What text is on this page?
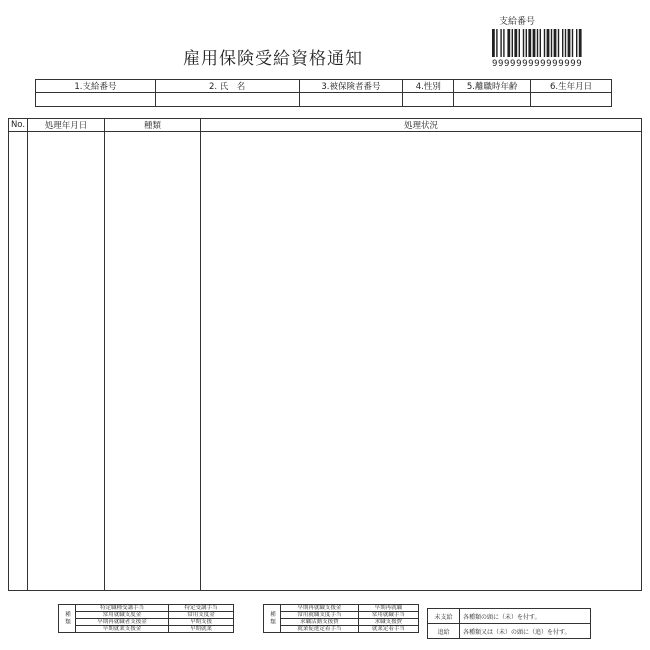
雇用保険受給資格通知
支給番号
999999999999999
1.支給番号	2. 氏　名	3.被保険者番号	4.性別	5.離職時年齢	6.生年月日

No.	処理年月日	種類	処理状況

種類	特定職種受講手当	特定受講手当
	常用就職支度金	常用支度金
	早期再就職者支援金	早期支援
	早期就業支援金	早期就業
種類	早期再就職支援金	早期再就職
	常用就職支度手当	常用就職手当
	求職活動支援費	求職支援費
	就業促進定着手当	就業定着手当
未支給	各種類の頭に（未）を付す。
追給	各種類又は（未）の頭に（追）を付す。
